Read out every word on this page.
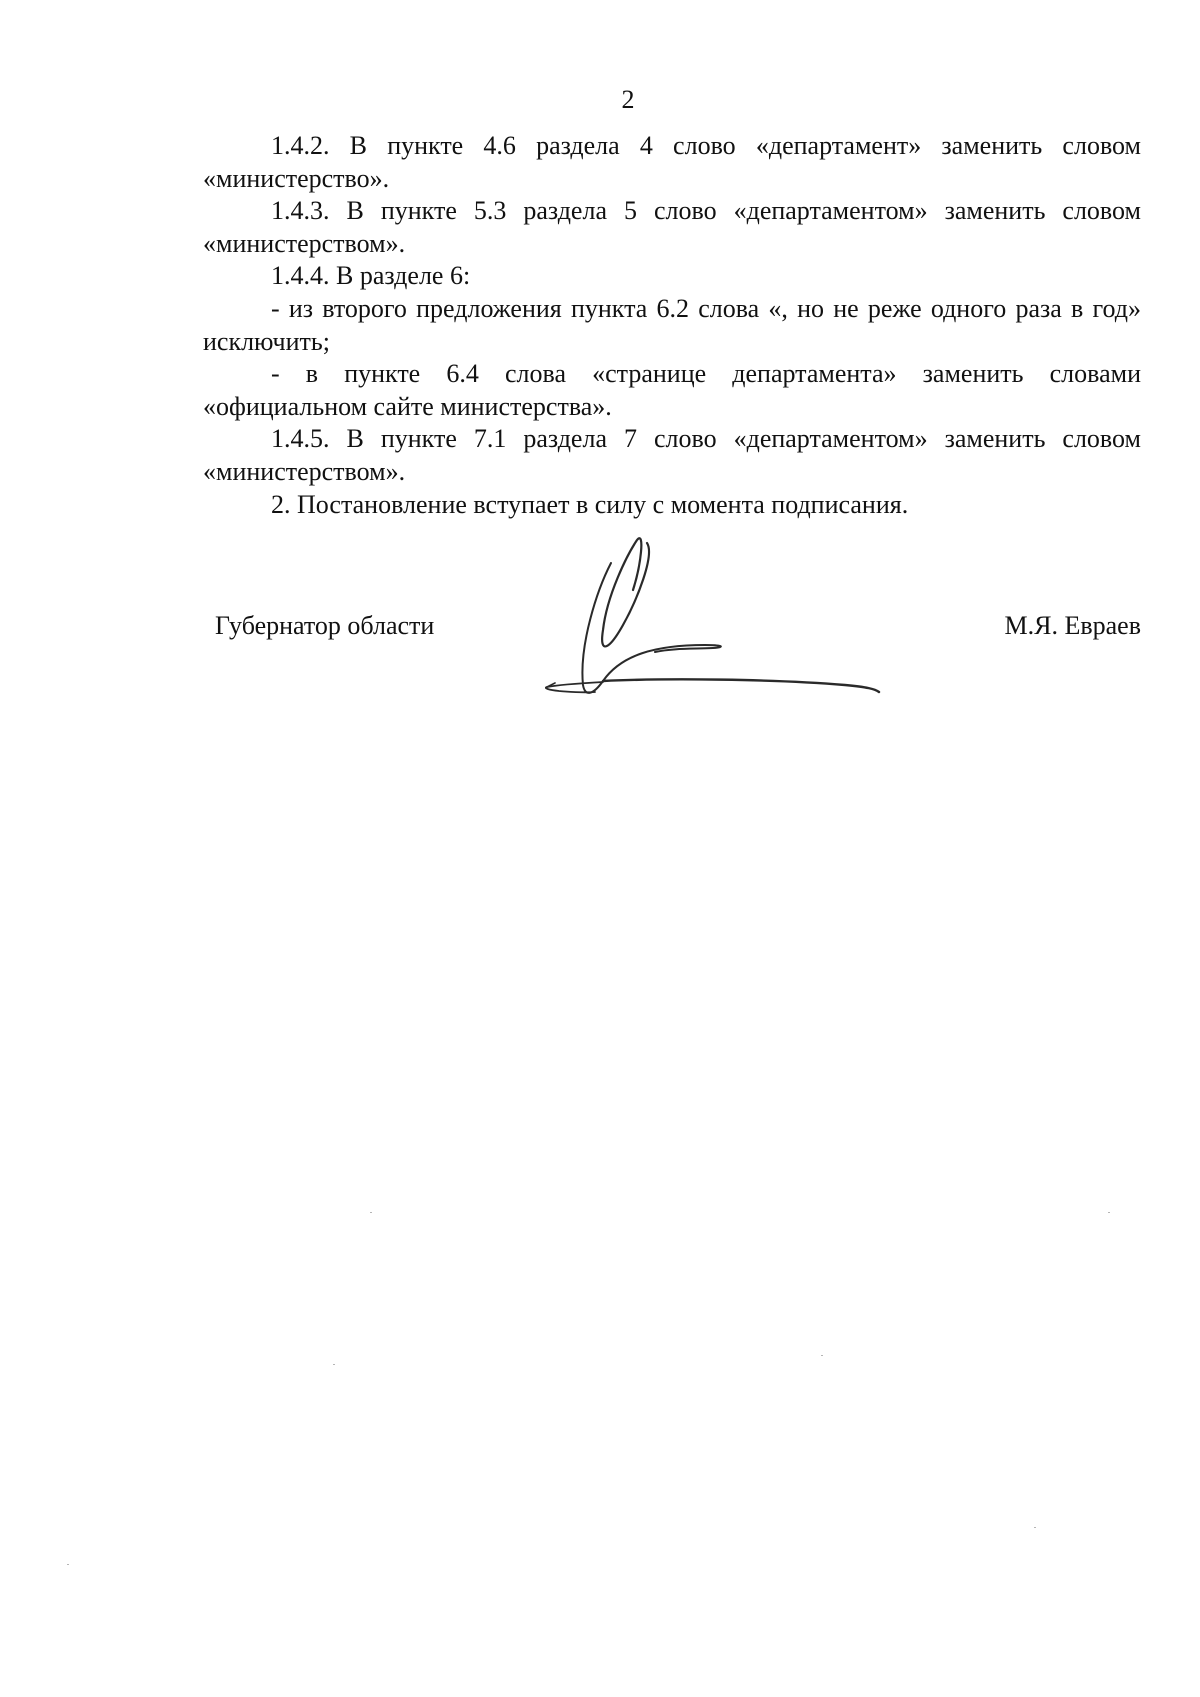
2

1.4.2. В пункте 4.6 раздела 4 слово «департамент» заменить словом «министерство».

1.4.3. В пункте 5.3 раздела 5 слово «департаментом» заменить словом «министерством».

1.4.4. В разделе 6:

- из второго предложения пункта 6.2 слова «, но не реже одного раза в год» исключить;

- в пункте 6.4 слова «странице департамента» заменить словами «официальном сайте министерства».

1.4.5. В пункте 7.1 раздела 7 слово «департаментом» заменить словом «министерством».

2. Постановление вступает в силу с момента подписания.

Губернатор области	М.Я. Евраев
